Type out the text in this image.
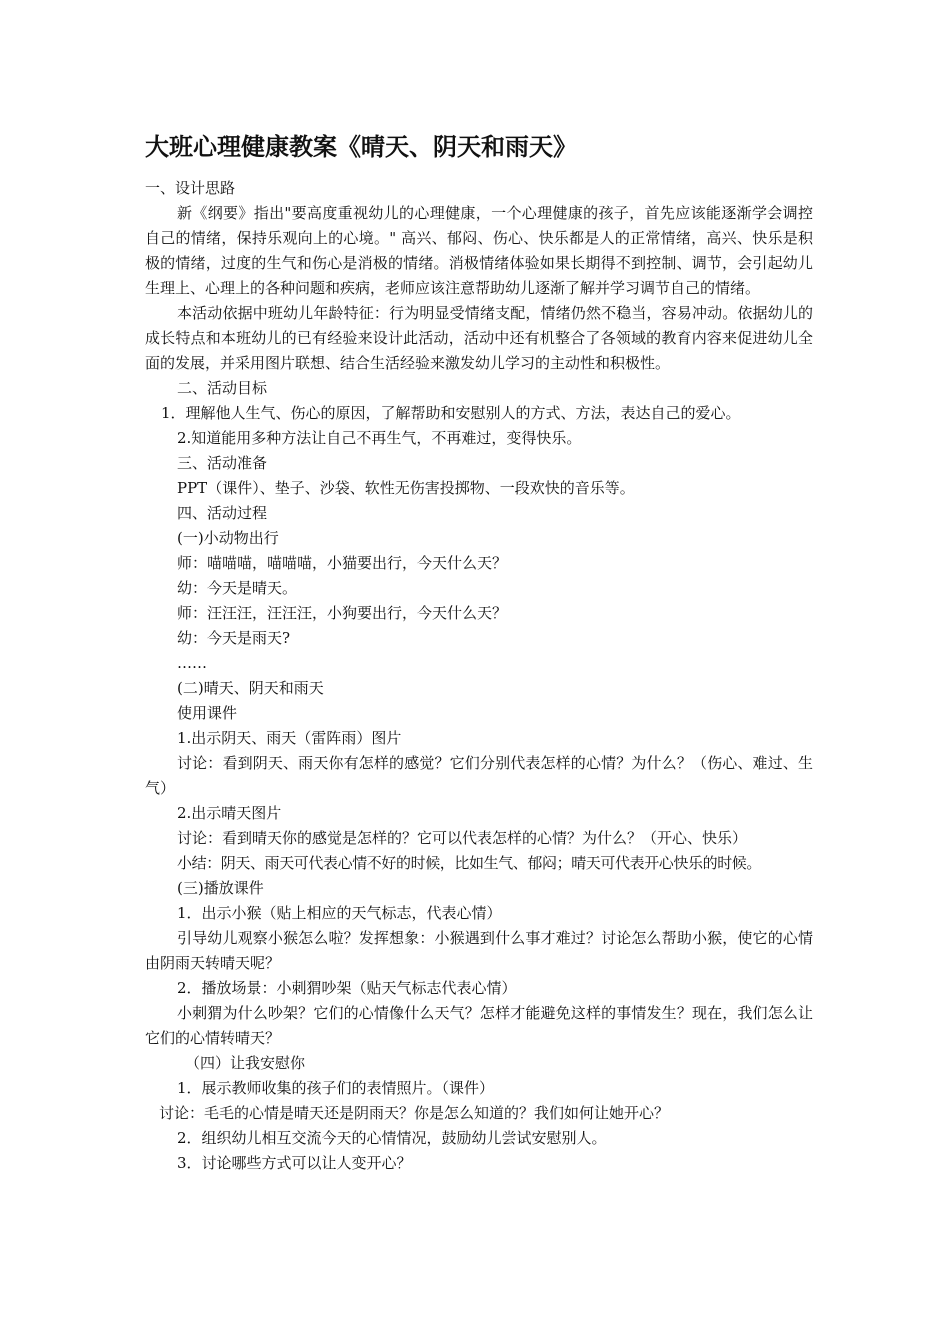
大班心理健康教案《晴天、阴天和雨天》

一、设计思路

新《纲要》指出"要高度重视幼儿的心理健康，一个心理健康的孩子，首先应该能逐渐学会调控自己的情绪，保持乐观向上的心境。" 高兴、郁闷、伤心、快乐都是人的正常情绪，高兴、快乐是积极的情绪，过度的生气和伤心是消极的情绪。消极情绪体验如果长期得不到控制、调节，会引起幼儿生理上、心理上的各种问题和疾病，老师应该注意帮助幼儿逐渐了解并学习调节自己的情绪。

本活动依据中班幼儿年龄特征：行为明显受情绪支配，情绪仍然不稳当，容易冲动。依据幼儿的成长特点和本班幼儿的已有经验来设计此活动，活动中还有机整合了各领域的教育内容来促进幼儿全面的发展，并采用图片联想、结合生活经验来激发幼儿学习的主动性和积极性。

二、活动目标

1．理解他人生气、伤心的原因，了解帮助和安慰别人的方式、方法，表达自己的爱心。

2.知道能用多种方法让自己不再生气，不再难过，变得快乐。

三、活动准备

PPT（课件）、垫子、沙袋、软性无伤害投掷物、一段欢快的音乐等。

四、活动过程

(一)小动物出行

师：喵喵喵，喵喵喵，小猫要出行，今天什么天？

幼：今天是晴天。

师：汪汪汪，汪汪汪，小狗要出行，今天什么天？

幼：今天是雨天?

……

(二)晴天、阴天和雨天

使用课件

1.出示阴天、雨天（雷阵雨）图片

讨论：看到阴天、雨天你有怎样的感觉？它们分别代表怎样的心情？为什么？（伤心、难过、生气）

2.出示晴天图片

讨论：看到晴天你的感觉是怎样的？它可以代表怎样的心情？为什么？（开心、快乐）

小结：阴天、雨天可代表心情不好的时候，比如生气、郁闷；晴天可代表开心快乐的时候。

(三)播放课件

1．出示小猴（贴上相应的天气标志，代表心情）

引导幼儿观察小猴怎么啦？发挥想象：小猴遇到什么事才难过？讨论怎么帮助小猴，使它的心情由阴雨天转晴天呢？

2．播放场景：小刺猬吵架（贴天气标志代表心情）

小刺猬为什么吵架？它们的心情像什么天气？怎样才能避免这样的事情发生？现在，我们怎么让它们的心情转晴天？

（四）让我安慰你

1．展示教师收集的孩子们的表情照片。（课件）

讨论：毛毛的心情是晴天还是阴雨天？你是怎么知道的？我们如何让她开心？

2．组织幼儿相互交流今天的心情情况，鼓励幼儿尝试安慰别人。

3．讨论哪些方式可以让人变开心？
